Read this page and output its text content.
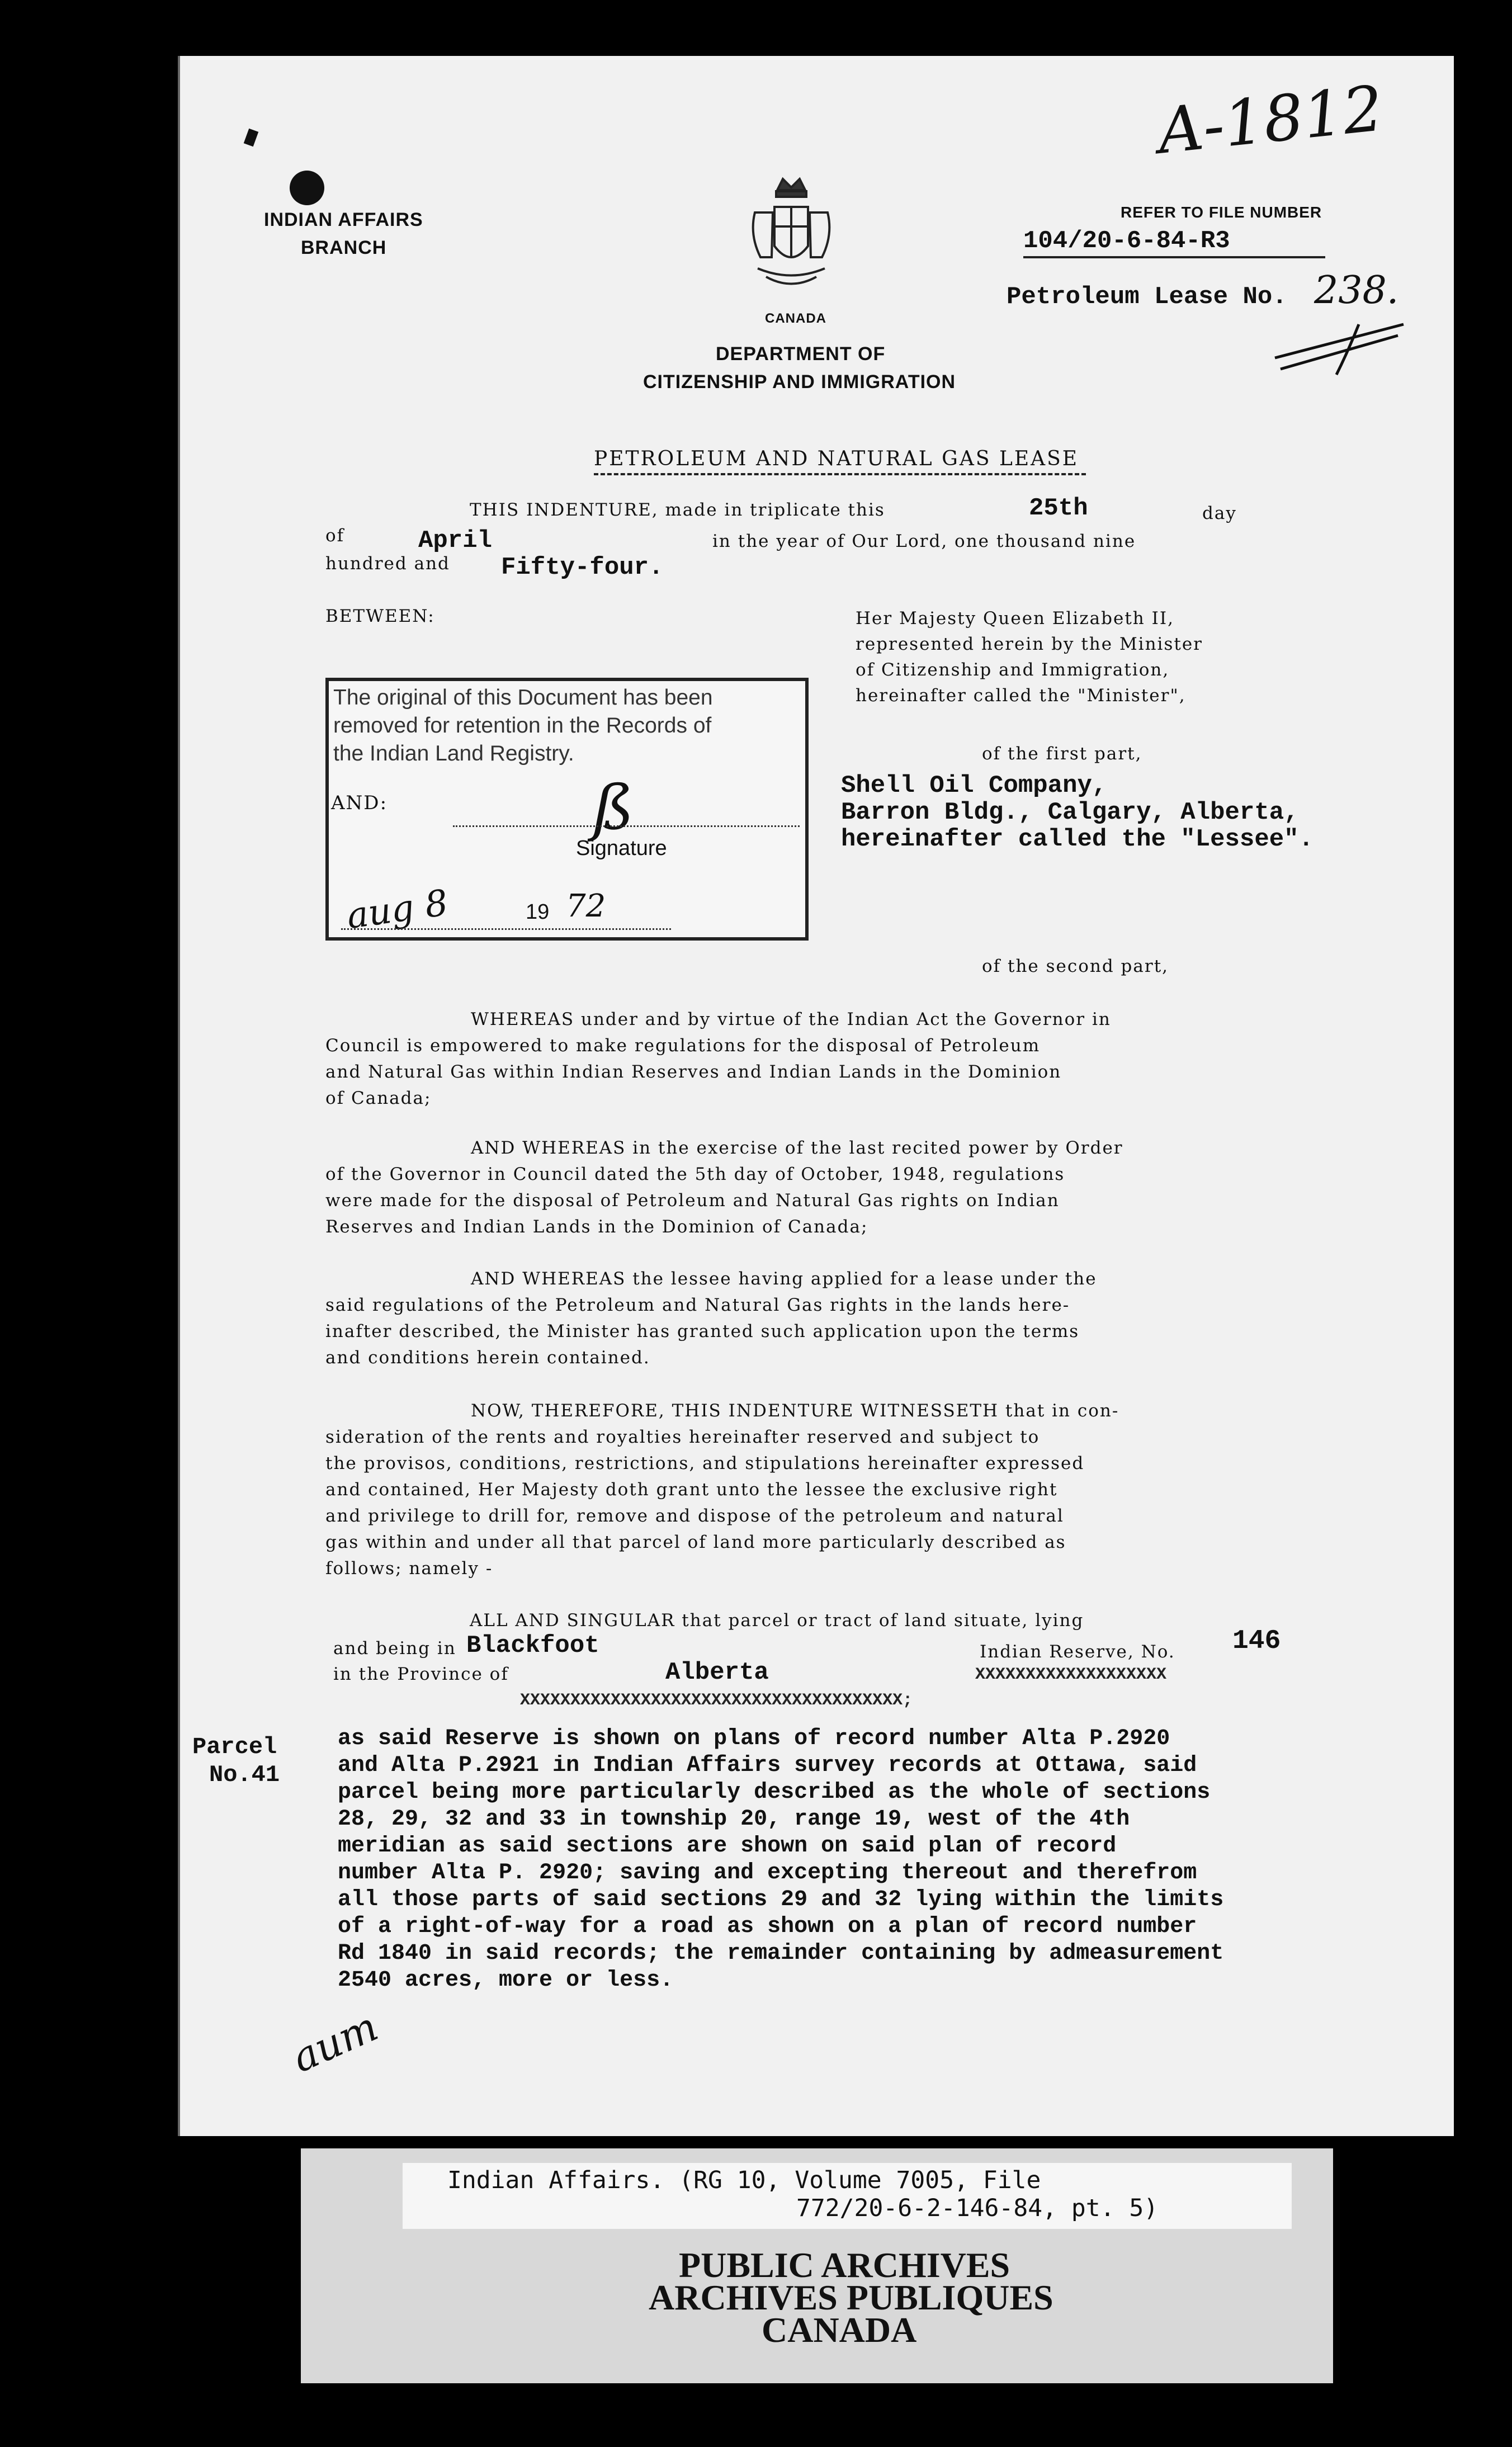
A-1812
INDIAN AFFAIRS
BRANCH
CANADA
DEPARTMENT OF
CITIZENSHIP AND IMMIGRATION
REFER TO FILE NUMBER
104/20-6-84-R3
Petroleum Lease No. 238.
PETROLEUM AND NATURAL GAS LEASE
THIS INDENTURE, made in triplicate this	25th	day
of	April	in the year of Our Lord, one thousand nine
hundred and Fifty-four.
BETWEEN:	Her Majesty Queen Elizabeth II,
represented herein by the Minister
of Citizenship and Immigration,
hereinafter called the "Minister",
of the first part,
Shell Oil Company,
Barron Bldg., Calgary, Alberta,
hereinafter called the "Lessee".
of the second part,
The original of this Document has been
removed for retention in the Records of
the Indian Land Registry.
AND:	ß
Signature
aug 8	19 72
WHEREAS under and by virtue of the Indian Act the Governor in
Council is empowered to make regulations for the disposal of Petroleum
and Natural Gas within Indian Reserves and Indian Lands in the Dominion
of Canada;
AND WHEREAS in the exercise of the last recited power by Order
of the Governor in Council dated the 5th day of October, 1948, regulations
were made for the disposal of Petroleum and Natural Gas rights on Indian
Reserves and Indian Lands in the Dominion of Canada;
AND WHEREAS the lessee having applied for a lease under the
said regulations of the Petroleum and Natural Gas rights in the lands here-
inafter described, the Minister has granted such application upon the terms
and conditions herein contained.
NOW, THEREFORE, THIS INDENTURE WITNESSETH that in con-
sideration of the rents and royalties hereinafter reserved and subject to
the provisos, conditions, restrictions, and stipulations hereinafter expressed
and contained, Her Majesty doth grant unto the lessee the exclusive right
and privilege to drill for, remove and dispose of the petroleum and natural
gas within and under all that parcel of land more particularly described as
follows; namely -
ALL AND SINGULAR that parcel or tract of land situate, lying
and being in Blackfoot	Indian Reserve, No. 146
in the Province of	Alberta	XXXXXXXXXXXXXXXXXXX
XXXXXXXXXXXXXXXXXXXXXXXXXXXXXXXXXXXXXX;
Parcel
No.41
as said Reserve is shown on plans of record number Alta P.2920
and Alta P.2921 in Indian Affairs survey records at Ottawa, said
parcel being more particularly described as the whole of sections
28, 29, 32 and 33 in township 20, range 19, west of the 4th
meridian as said sections are shown on said plan of record
number Alta P. 2920; saving and excepting thereout and therefrom
all those parts of said sections 29 and 32 lying within the limits
of a right-of-way for a road as shown on a plan of record number
Rd 1840 in said records; the remainder containing by admeasurement
2540 acres, more or less.
aum
Indian Affairs. (RG 10, Volume 7005, File
772/20-6-2-146-84, pt. 5)
PUBLIC ARCHIVES
ARCHIVES PUBLIQUES
CANADA
